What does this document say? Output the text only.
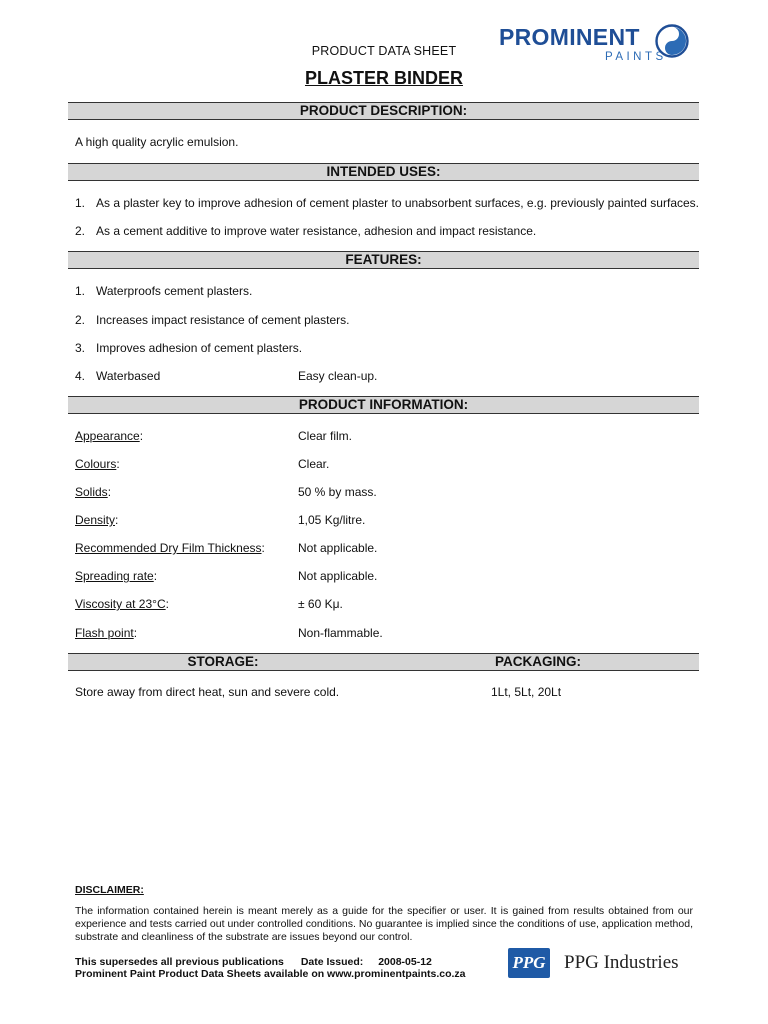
PRODUCT DATA SHEET
PLASTER BINDER
PROMINENT
PAINTS
PRODUCT DESCRIPTION:
A high quality acrylic emulsion.
INTENDED USES:
1. As a plaster key to improve adhesion of cement plaster to unabsorbent surfaces, e.g. previously painted surfaces.
2. As a cement additive to improve water resistance, adhesion and impact resistance.
FEATURES:
1. Waterproofs cement plasters.
2. Increases impact resistance of cement plasters.
3. Improves adhesion of cement plasters.
4. Waterbased	Easy clean-up.
PRODUCT INFORMATION:
Appearance:	Clear film.
Colours:	Clear.
Solids:	50 % by mass.
Density:	1,05 Kg/litre.
Recommended Dry Film Thickness:	Not applicable.
Spreading rate:	Not applicable.
Viscosity at 23°C:	± 60 Kμ.
Flash point:	Non-flammable.
STORAGE:	PACKAGING:
Store away from direct heat, sun and severe cold.	1Lt, 5Lt, 20Lt
DISCLAIMER:
The information contained herein is meant merely as a guide for the specifier or user. It is gained from results obtained from our experience and tests carried out under controlled conditions. No guarantee is implied since the conditions of use, application method, substrate and cleanliness of the substrate are issues beyond our control.
This supersedes all previous publications Date Issued: 2008-05-12
Prominent Paint Product Data Sheets available on www.prominentpaints.co.za
PPG PPG Industries
